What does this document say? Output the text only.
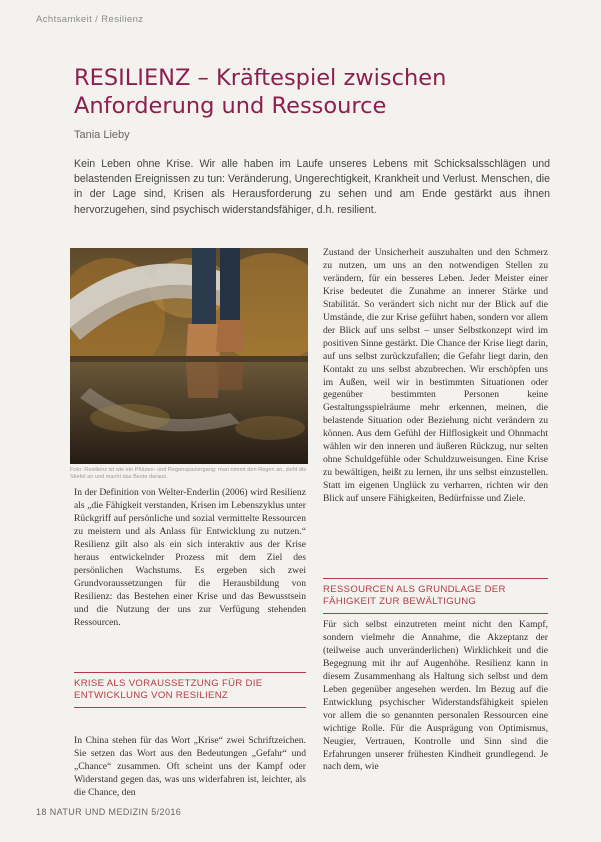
Achtsamkeit / Resilienz
RESILIENZ – Kräftespiel zwischen Anforderung und Ressource
Tania Lieby

Kein Leben ohne Krise. Wir alle haben im Laufe unseres Lebens mit Schicksalsschlägen und belastenden Ereignissen zu tun: Veränderung, Ungerechtigkeit, Krankheit und Verlust. Menschen, die in der Lage sind, Krisen als Herausforderung zu sehen und am Ende gestärkt aus ihnen hervorzugehen, sind psychisch widerstandsfähiger, d.h. resilient.

Foto: Resilienz ist wie ein Pfützen- und Regenspaziergang: man nimmt den Regen an, zieht die Stiefel an und macht das Beste daraus.

In der Definition von Welter-Enderlin (2006) wird Resilienz als „die Fähigkeit verstanden, Krisen im Lebenszyklus unter Rückgriff auf persönliche und sozial vermittelte Ressourcen zu meistern und als Anlass für Entwicklung zu nutzen.“ Resilienz gilt also als ein sich interaktiv aus der Krise heraus entwickelnder Prozess mit dem Ziel des persönlichen Wachstums. Es ergeben sich zwei Grundvoraussetzungen für die Herausbildung von Resilienz: das Bestehen einer Krise und das Bewusstsein und die Nutzung der uns zur Verfügung stehenden Ressourcen.

KRISE ALS VORAUSSETZUNG FÜR DIE ENTWICKLUNG VON RESILIENZ

In China stehen für das Wort „Krise“ zwei Schriftzeichen. Sie setzen das Wort aus den Bedeutungen „Gefahr“ und „Chance“ zusammen. Oft scheint uns der Kampf oder Widerstand gegen das, was uns widerfahren ist, leichter, als die Chance, den

Zustand der Unsicherheit auszuhalten und den Schmerz zu nutzen, um uns an den notwendigen Stellen zu verändern, für ein besseres Leben. Jeder Meister einer Krise bedeutet die Zunahme an innerer Stärke und Stabilität. So verändert sich nicht nur der Blick auf die Umstände, die zur Krise geführt haben, sondern vor allem der Blick auf uns selbst – unser Selbstkonzept wird im positiven Sinne gestärkt. Die Chance der Krise liegt darin, auf uns selbst zurückzufallen; die Gefahr liegt darin, den Kontakt zu uns selbst abzubrechen. Wir erschöpfen uns im Außen, weil wir in bestimmten Situationen oder gegenüber bestimmten Personen keine Gestaltungsspielräume mehr erkennen, meinen, die belastende Situation oder Beziehung nicht verändern zu können. Aus dem Gefühl der Hilflosigkeit und Ohnmacht wählen wir den inneren und äußeren Rückzug, nur selten ohne Schuldgefühle oder Schuldzuweisungen. Eine Krise zu bewältigen, heißt zu lernen, ihr uns selbst einzustellen. Statt im eigenen Unglück zu verharren, richten wir den Blick auf unsere Fähigkeiten, Bedürfnisse und Ziele.

RESSOURCEN ALS GRUNDLAGE DER FÄHIGKEIT ZUR BEWÄLTIGUNG

Für sich selbst einzutreten meint nicht den Kampf, sondern vielmehr die Annahme, die Akzeptanz der (teilweise auch unveränderlichen) Wirklichkeit und die Begegnung mit ihr auf Augenhöhe. Resilienz kann in diesem Zusammenhang als Haltung sich selbst und dem Leben gegenüber angesehen werden. Im Bezug auf die Entwicklung psychischer Widerstandsfähigkeit spielen vor allem die so genannten personalen Ressourcen eine wichtige Rolle. Für die Ausprägung von Optimismus, Neugier, Vertrauen, Kontrolle und Sinn sind die Erfahrungen unserer frühesten Kindheit grundlegend. Je nach dem, wie

18 NATUR UND MEDIZIN 5/2016
